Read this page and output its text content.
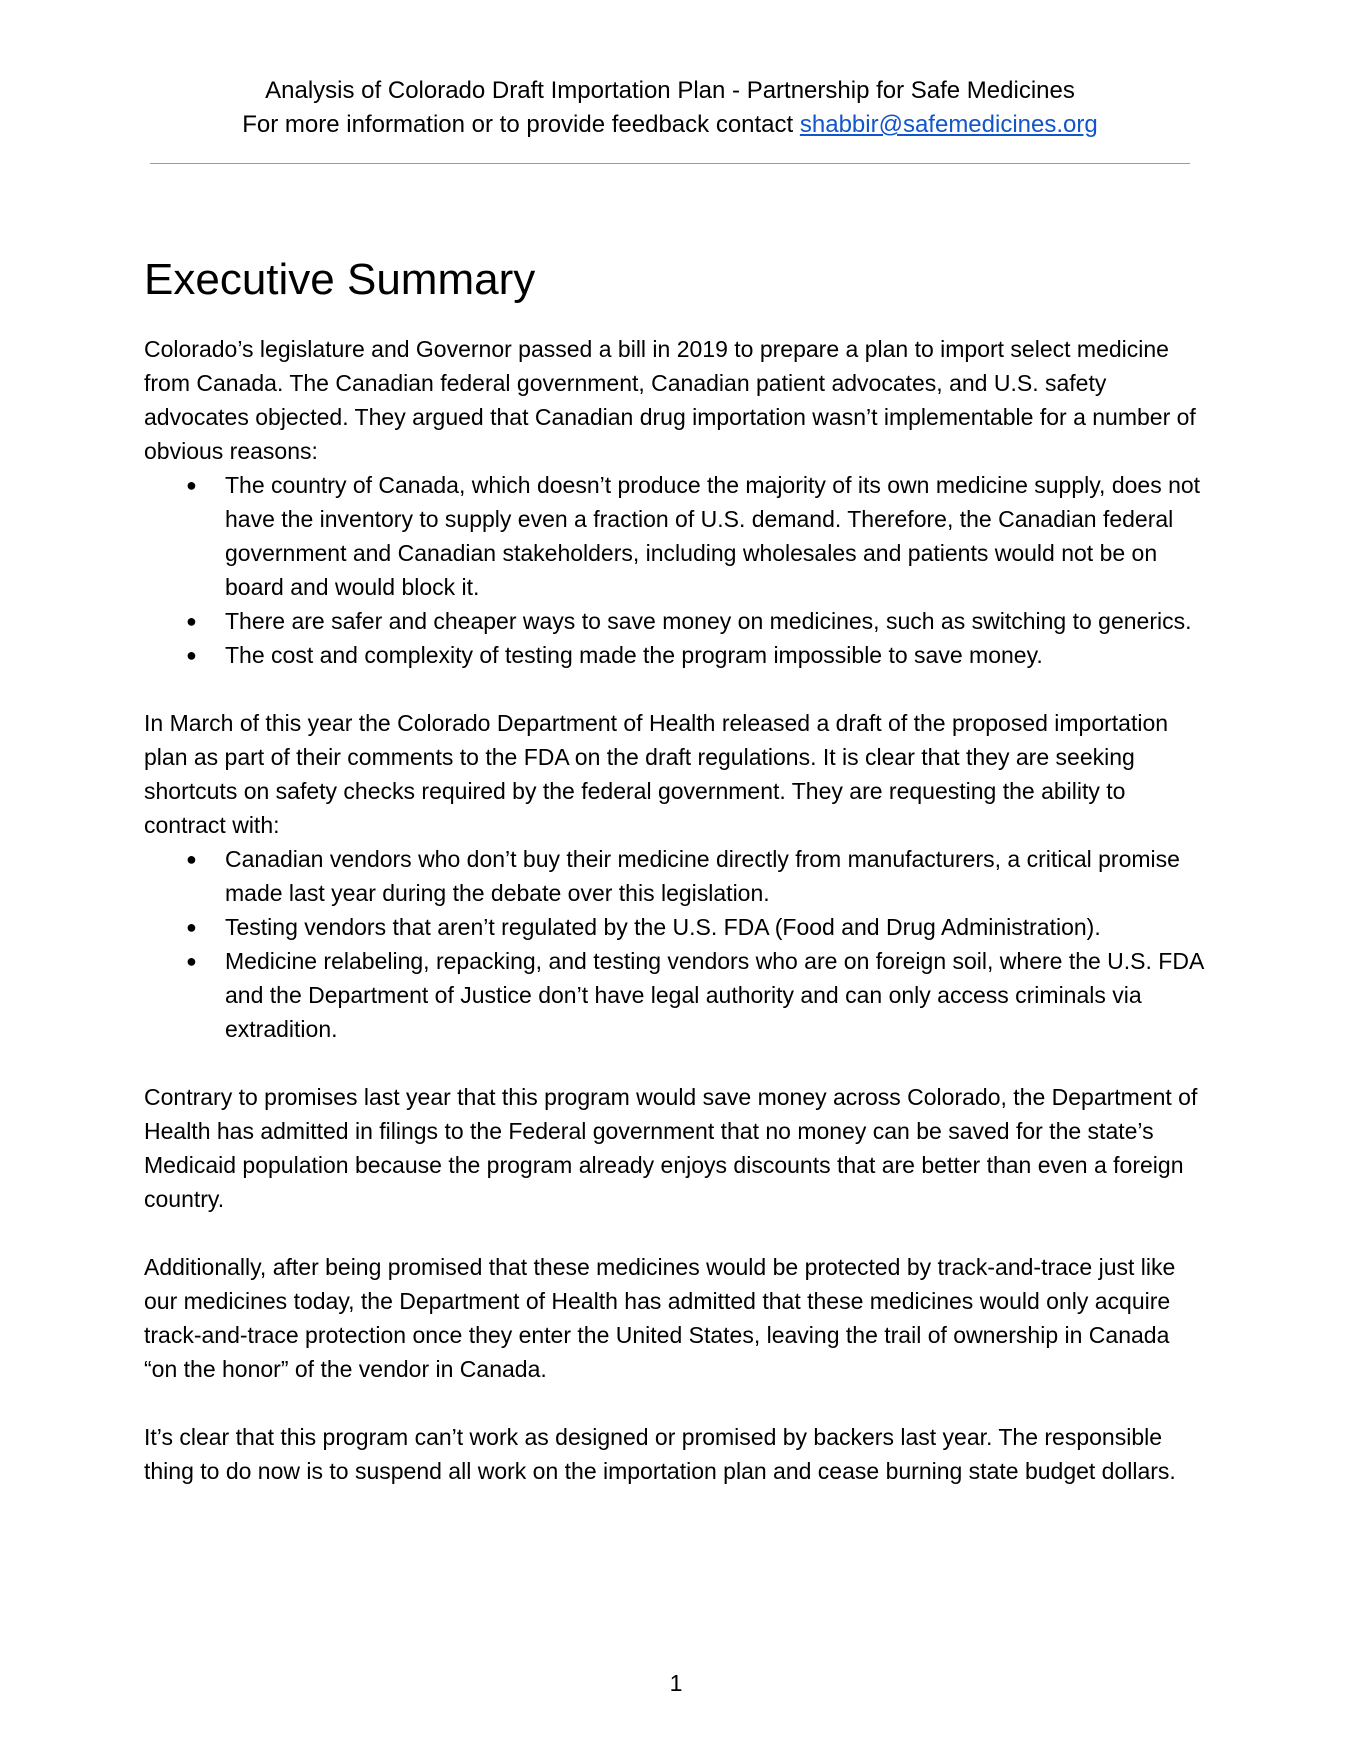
Analysis of Colorado Draft Importation Plan - Partnership for Safe Medicines
For more information or to provide feedback contact shabbir@safemedicines.org
Executive Summary

Colorado’s legislature and Governor passed a bill in 2019 to prepare a plan to import select medicine from Canada. The Canadian federal government, Canadian patient advocates, and U.S. safety advocates objected. They argued that Canadian drug importation wasn’t implementable for a number of obvious reasons:

● The country of Canada, which doesn’t produce the majority of its own medicine supply, does not have the inventory to supply even a fraction of U.S. demand. Therefore, the Canadian federal government and Canadian stakeholders, including wholesales and patients would not be on board and would block it.
● There are safer and cheaper ways to save money on medicines, such as switching to generics.
● The cost and complexity of testing made the program impossible to save money.

In March of this year the Colorado Department of Health released a draft of the proposed importation plan as part of their comments to the FDA on the draft regulations. It is clear that they are seeking shortcuts on safety checks required by the federal government. They are requesting the ability to contract with:

● Canadian vendors who don’t buy their medicine directly from manufacturers, a critical promise made last year during the debate over this legislation.
● Testing vendors that aren’t regulated by the U.S. FDA (Food and Drug Administration).
● Medicine relabeling, repacking, and testing vendors who are on foreign soil, where the U.S. FDA and the Department of Justice don’t have legal authority and can only access criminals via extradition.

Contrary to promises last year that this program would save money across Colorado, the Department of Health has admitted in filings to the Federal government that no money can be saved for the state’s Medicaid population because the program already enjoys discounts that are better than even a foreign country.

Additionally, after being promised that these medicines would be protected by track-and-trace just like our medicines today, the Department of Health has admitted that these medicines would only acquire track-and-trace protection once they enter the United States, leaving the trail of ownership in Canada “on the honor” of the vendor in Canada.

It’s clear that this program can’t work as designed or promised by backers last year. The responsible thing to do now is to suspend all work on the importation plan and cease burning state budget dollars.

1
